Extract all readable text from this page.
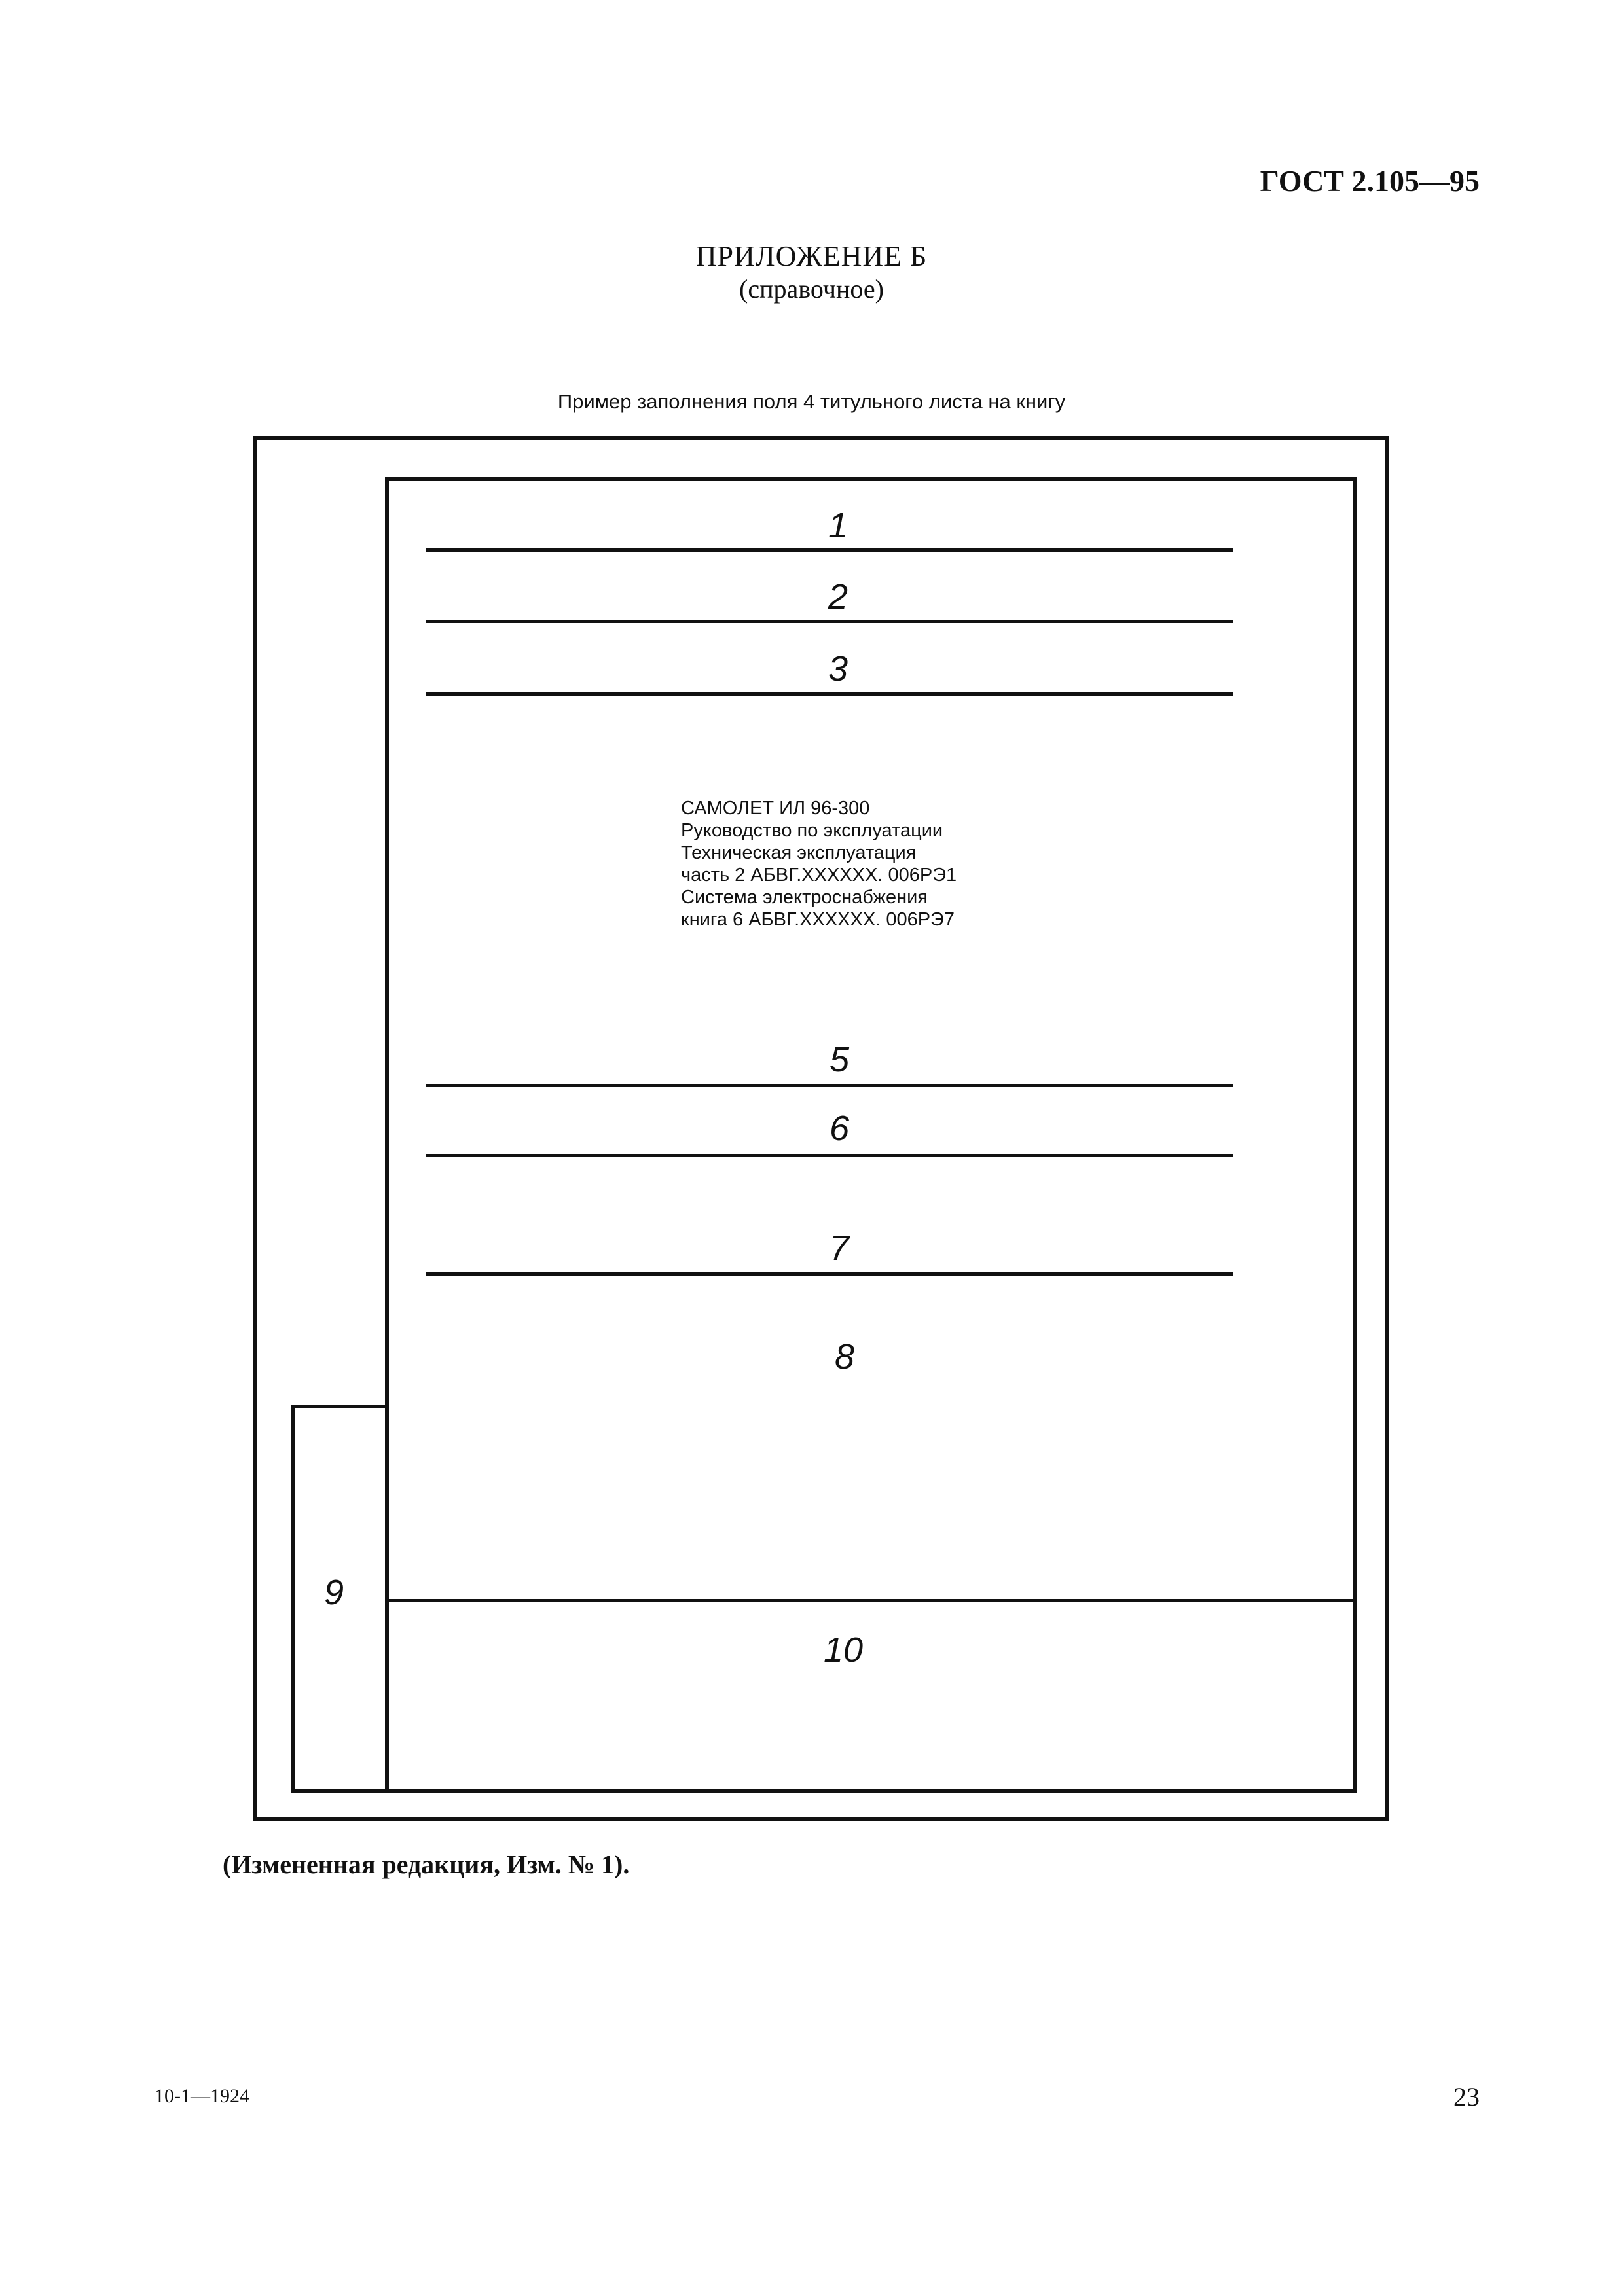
ГОСТ 2.105—95
ПРИЛОЖЕНИЕ Б
(справочное)
Пример заполнения поля 4 титульного листа на книгу
1
2
3
5
6
7
8
9
10
САМОЛЕТ ИЛ 96-300
Руководство по эксплуатации
Техническая эксплуатация
часть 2 АБВГ.XXXXXX. 006РЭ1
Система электроснабжения
книга 6 АБВГ.XXXXXX. 006РЭ7
(Измененная редакция, Изм. № 1).
10-1—1924	23
